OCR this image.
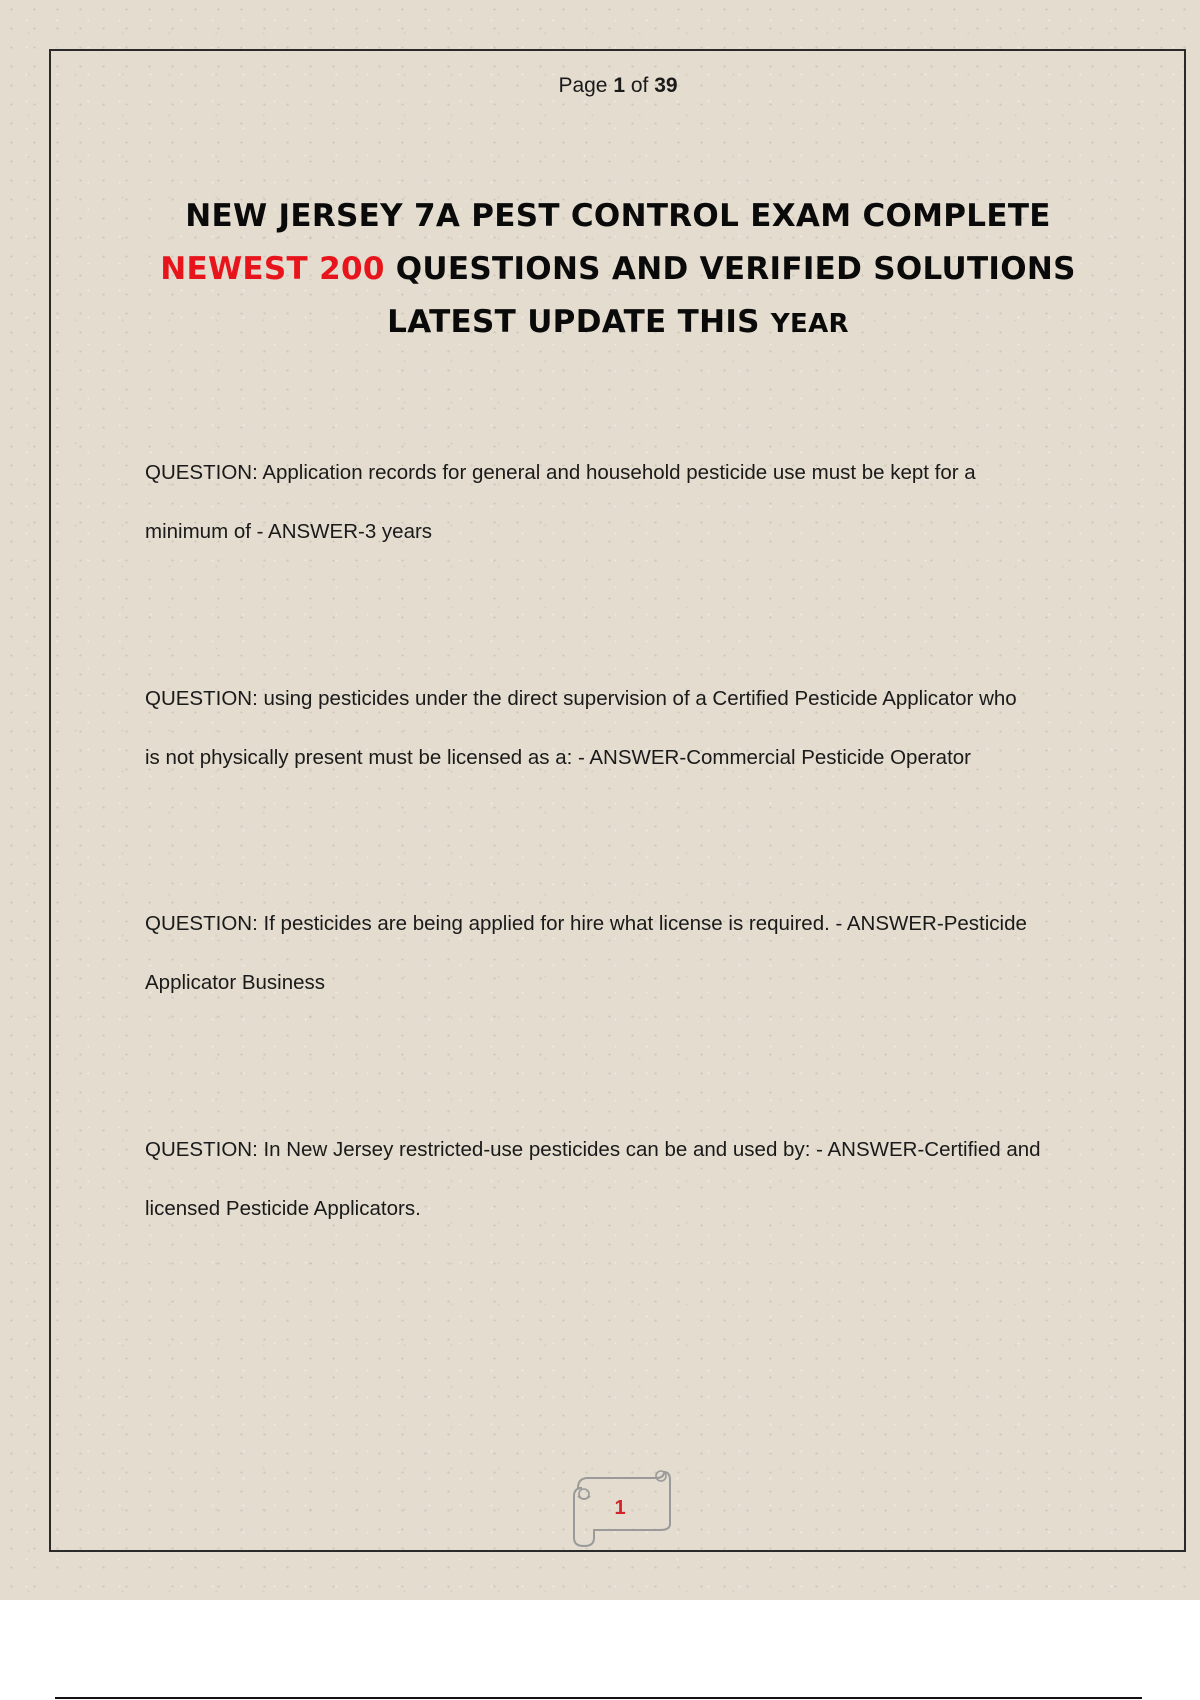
Page 1 of 39
NEW JERSEY 7A PEST CONTROL EXAM COMPLETE
NEWEST 200 QUESTIONS AND VERIFIED SOLUTIONS
LATEST UPDATE THIS YEAR
QUESTION: Application records for general and household pesticide use must be kept for a
minimum of - ANSWER-3 years
QUESTION: using pesticides under the direct supervision of a Certified Pesticide Applicator who
is not physically present must be licensed as a: - ANSWER-Commercial Pesticide Operator
QUESTION: If pesticides are being applied for hire what license is required. - ANSWER-Pesticide
Applicator Business
QUESTION: In New Jersey restricted-use pesticides can be and used by: - ANSWER-Certified and
licensed Pesticide Applicators.
1
